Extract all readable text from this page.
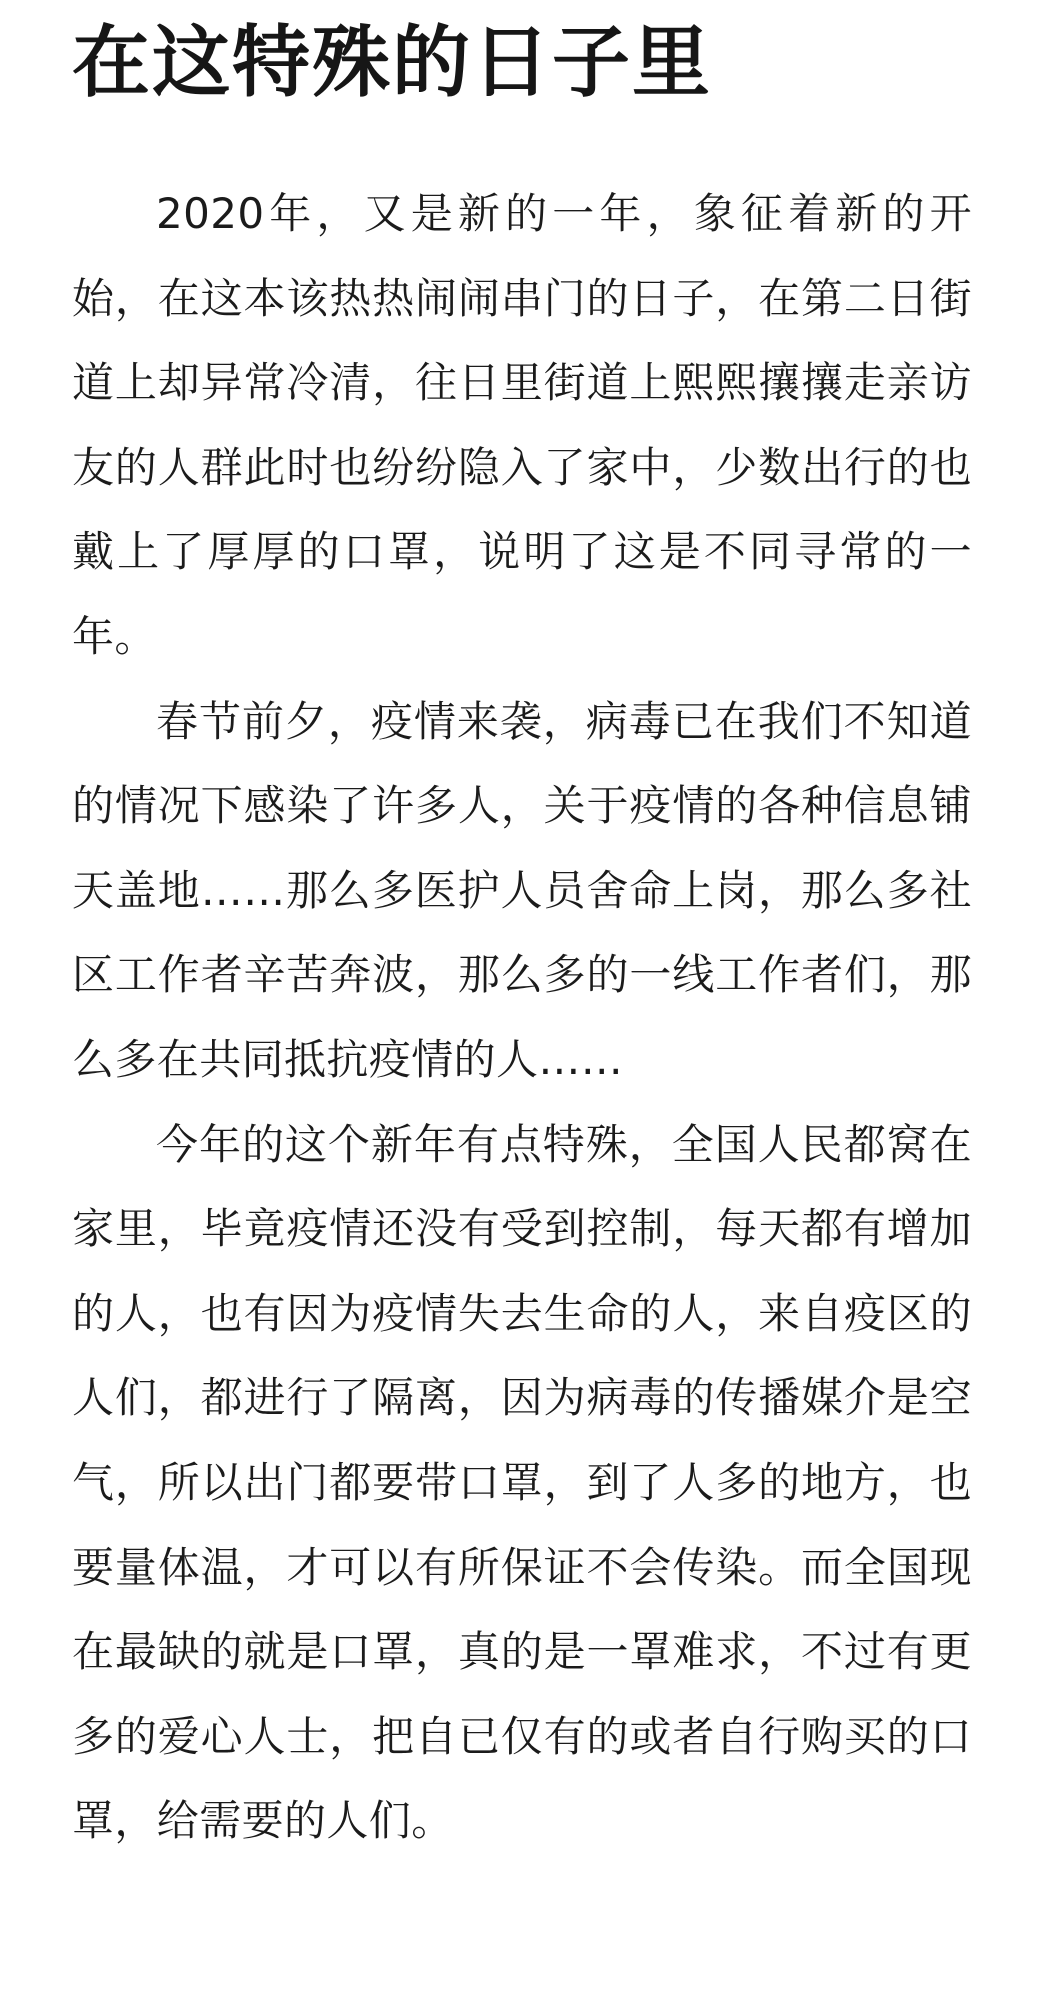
在这特殊的日子里

2020年，又是新的一年，象征着新的开始，在这本该热热闹闹串门的日子，在第二日街道上却异常冷清，往日里街道上熙熙攘攘走亲访友的人群此时也纷纷隐入了家中，少数出行的也戴上了厚厚的口罩，说明了这是不同寻常的一年。

春节前夕，疫情来袭，病毒已在我们不知道的情况下感染了许多人，关于疫情的各种信息铺天盖地……那么多医护人员舍命上岗，那么多社区工作者辛苦奔波，那么多的一线工作者们，那么多在共同抵抗疫情的人……

今年的这个新年有点特殊，全国人民都窝在家里，毕竟疫情还没有受到控制，每天都有增加的人，也有因为疫情失去生命的人，来自疫区的人们，都进行了隔离，因为病毒的传播媒介是空气，所以出门都要带口罩，到了人多的地方，也要量体温，才可以有所保证不会传染。而全国现在最缺的就是口罩，真的是一罩难求，不过有更多的爱心人士，把自已仅有的或者自行购买的口罩，给需要的人们。
